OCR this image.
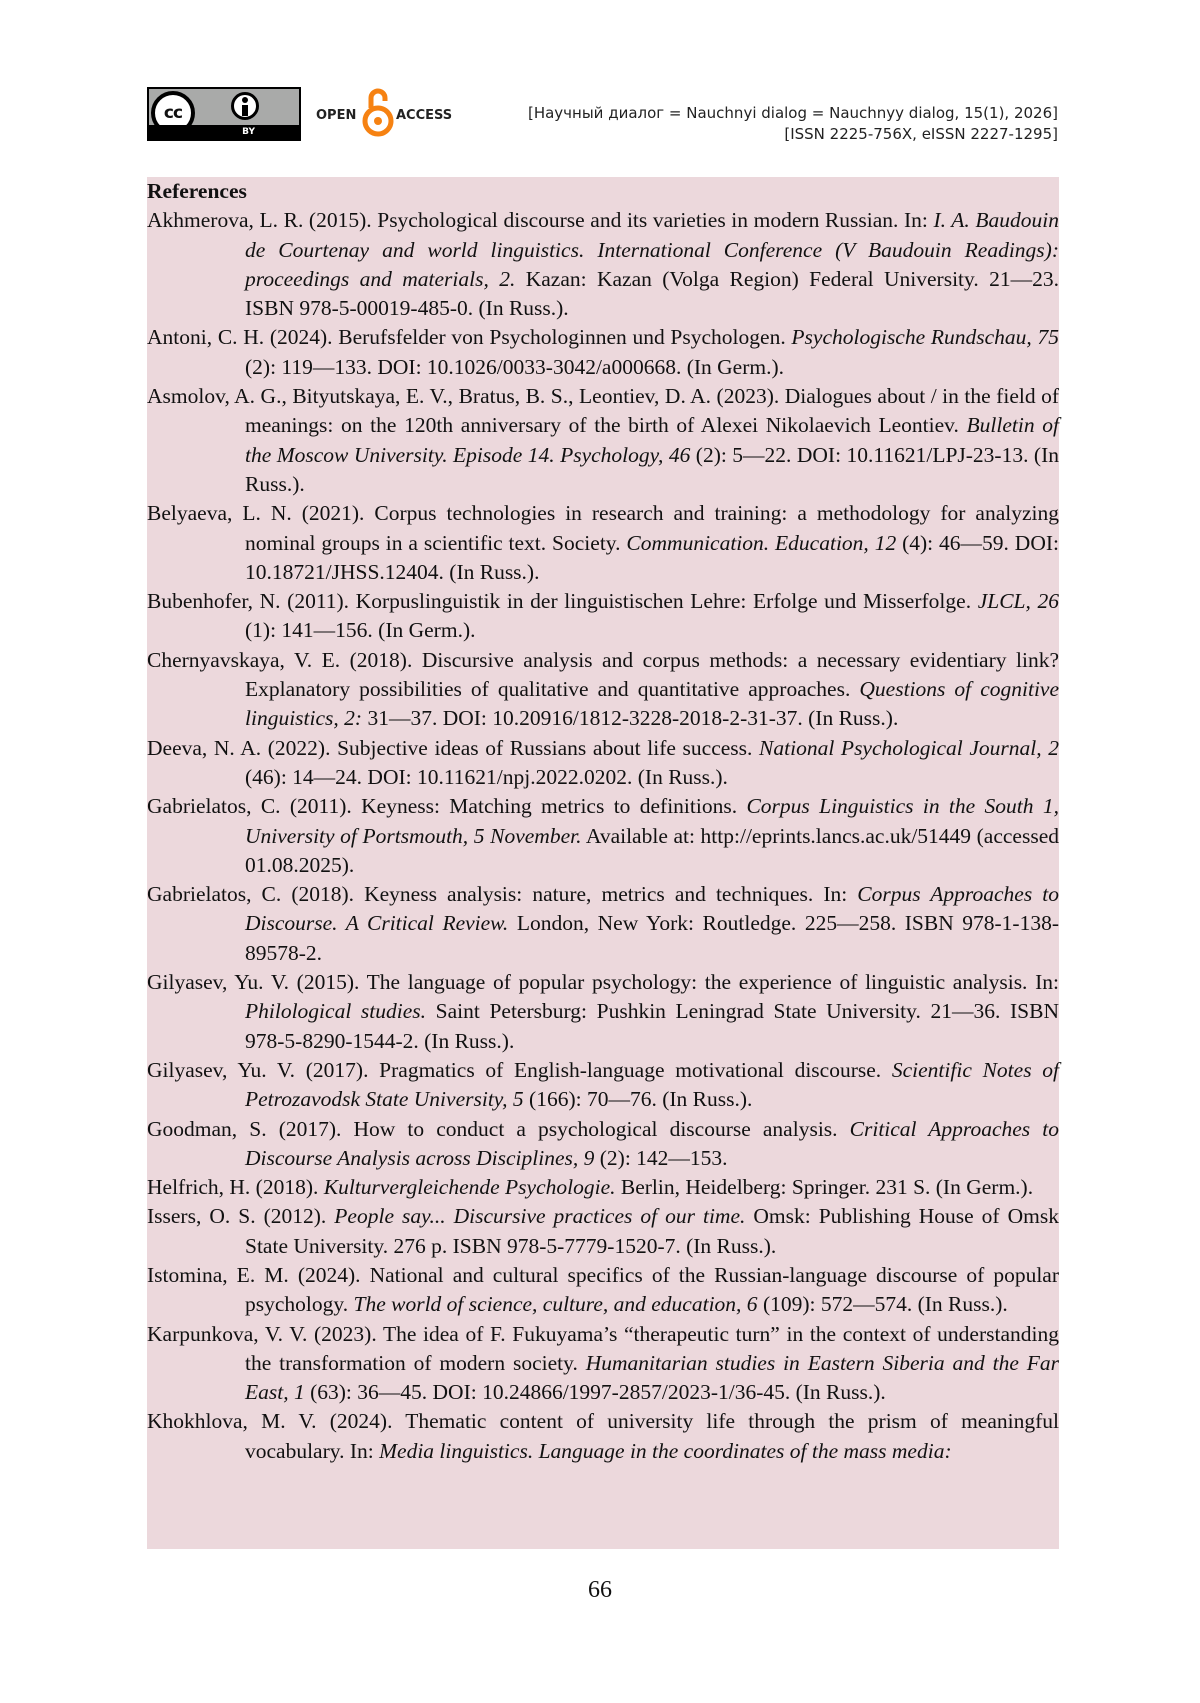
cc
BY
OPEN	ACCESS	[Научный диалог = Nauchnyi dialog = Nauchnyy dialog, 15(1), 2026]
[ISSN 2225-756X, eISSN 2227-1295]

References

Akhmerova, L. R. (2015). Psychological discourse and its varieties in modern Russian. In: I. A. Baudouin de Courtenay and world linguistics. International Conference (V Baudouin Readings): proceedings and materials, 2. Kazan: Kazan (Volga Region) Federal University. 21—23. ISBN 978-5-00019-485-0. (In Russ.).

Antoni, C. H. (2024). Berufsfelder von Psychologinnen und Psychologen. Psychologische Rundschau, 75 (2): 119—133. DOI: 10.1026/0033-3042/a000668. (In Germ.).

Asmolov, A. G., Bityutskaya, E. V., Bratus, B. S., Leontiev, D. A. (2023). Dialogues about / in the field of meanings: on the 120th anniversary of the birth of Alexei Nikolaevich Leontiev. Bulletin of the Moscow University. Episode 14. Psychology, 46 (2): 5—22. DOI: 10.11621/LPJ-23-13. (In Russ.).

Belyaeva, L. N. (2021). Corpus technologies in research and training: a methodology for analyzing nominal groups in a scientific text. Society. Communication. Education, 12 (4): 46—59. DOI: 10.18721/JHSS.12404. (In Russ.).

Bubenhofer, N. (2011). Korpuslinguistik in der linguistischen Lehre: Erfolge und Misserfolge. JLCL, 26 (1): 141—156. (In Germ.).

Chernyavskaya, V. E. (2018). Discursive analysis and corpus methods: a necessary evidentiary link? Explanatory possibilities of qualitative and quantitative approaches. Questions of cognitive linguistics, 2: 31—37. DOI: 10.20916/1812-3228-2018-2-31-37. (In Russ.).

Deeva, N. A. (2022). Subjective ideas of Russians about life success. National Psychological Journal, 2 (46): 14—24. DOI: 10.11621/npj.2022.0202. (In Russ.).

Gabrielatos, C. (2011). Keyness: Matching metrics to definitions. Corpus Linguistics in the South 1, University of Portsmouth, 5 November. Available at: http://eprints.lancs.ac.uk/51449 (accessed 01.08.2025).

Gabrielatos, C. (2018). Keyness analysis: nature, metrics and techniques. In: Corpus Approaches to Discourse. A Critical Review. London, New York: Routledge. 225—258. ISBN 978-1-138-89578-2.

Gilyasev, Yu. V. (2015). The language of popular psychology: the experience of linguistic analysis. In: Philological studies. Saint Petersburg: Pushkin Leningrad State University. 21—36. ISBN 978-5-8290-1544-2. (In Russ.).

Gilyasev, Yu. V. (2017). Pragmatics of English-language motivational discourse. Scientific Notes of Petrozavodsk State University, 5 (166): 70—76. (In Russ.).

Goodman, S. (2017). How to conduct a psychological discourse analysis. Critical Approaches to Discourse Analysis across Disciplines, 9 (2): 142—153.

Helfrich, H. (2018). Kulturvergleichende Psychologie. Berlin, Heidelberg: Springer. 231 S. (In Germ.).

Issers, O. S. (2012). People say... Discursive practices of our time. Omsk: Publishing House of Omsk State University. 276 p. ISBN 978-5-7779-1520-7. (In Russ.).

Istomina, E. M. (2024). National and cultural specifics of the Russian-language discourse of popular psychology. The world of science, culture, and education, 6 (109): 572—574. (In Russ.).

Karpunkova, V. V. (2023). The idea of F. Fukuyama’s “therapeutic turn” in the context of understanding the transformation of modern society. Humanitarian studies in Eastern Siberia and the Far East, 1 (63): 36—45. DOI: 10.24866/1997-2857/2023-1/36-45. (In Russ.).

Khokhlova, M. V. (2024). Thematic content of university life through the prism of meaningful vocabulary. In: Media linguistics. Language in the coordinates of the mass media:

66
